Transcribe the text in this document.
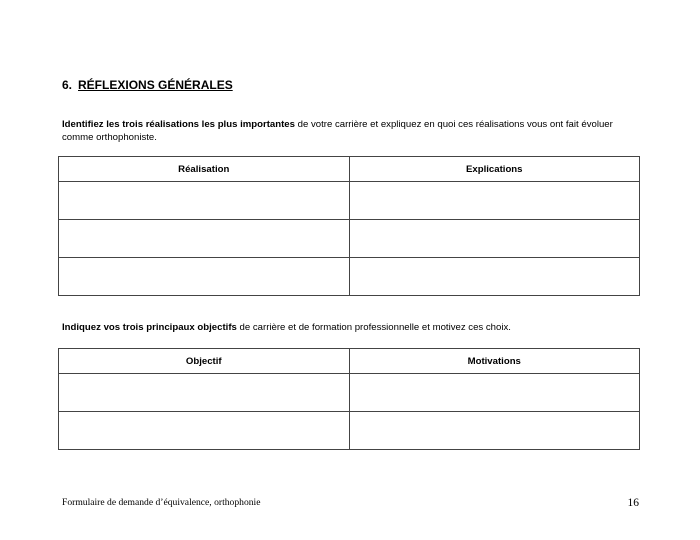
6. RÉFLEXIONS GÉNÉRALES
Identifiez les trois réalisations les plus importantes de votre carrière et expliquez en quoi ces réalisations vous ont fait évoluer comme orthophoniste.
Réalisation	Explications

Indiquez vos trois principaux objectifs de carrière et de formation professionnelle et motivez ces choix.
Objectif	Motivations

Formulaire de demande d’équivalence, orthophonie	16
